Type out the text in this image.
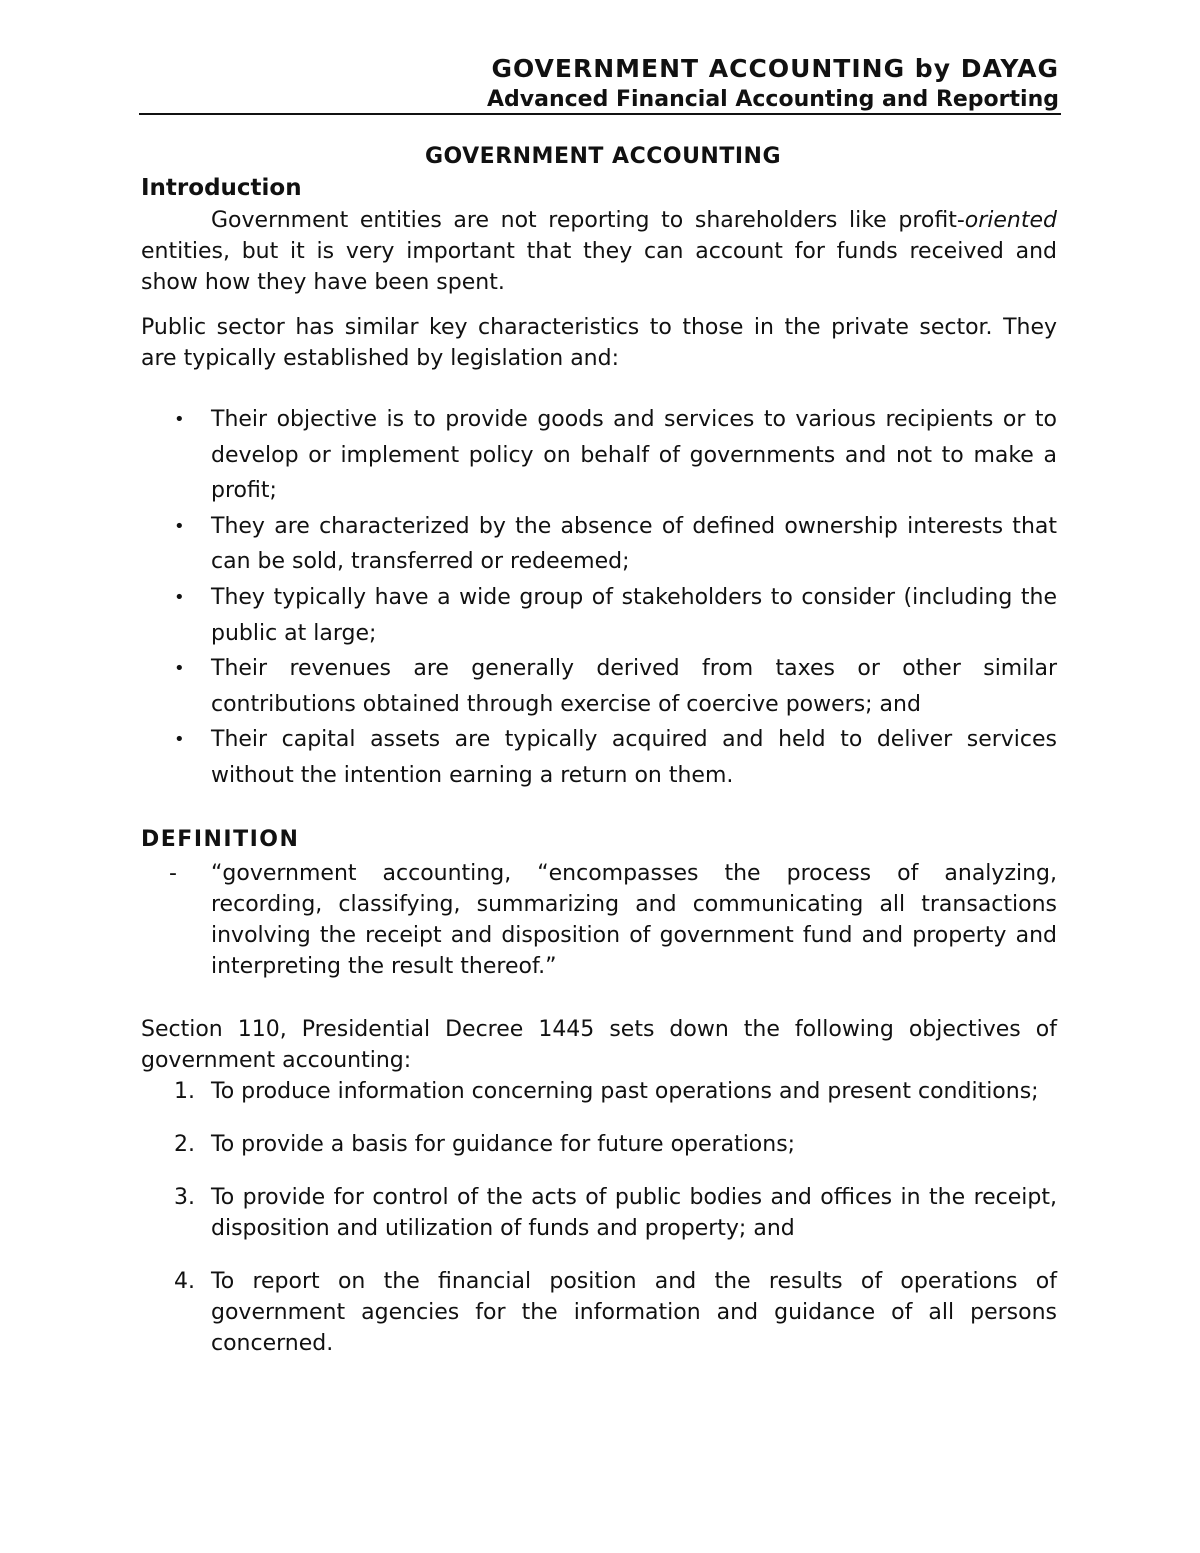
GOVERNMENT ACCOUNTING by DAYAG
Advanced Financial Accounting and Reporting
GOVERNMENT ACCOUNTING
Introduction

Government entities are not reporting to shareholders like profit-oriented entities, but it is very important that they can account for funds received and show how they have been spent.

Public sector has similar key characteristics to those in the private sector. They are typically established by legislation and:

• Their objective is to provide goods and services to various recipients or to develop or implement policy on behalf of governments and not to make a profit;
• They are characterized by the absence of defined ownership interests that can be sold, transferred or redeemed;
• They typically have a wide group of stakeholders to consider (including the public at large;
• Their revenues are generally derived from taxes or other similar contributions obtained through exercise of coercive powers; and
• Their capital assets are typically acquired and held to deliver services without the intention earning a return on them.
DEFINITION
- “government accounting, “encompasses the process of analyzing, recording, classifying, summarizing and communicating all transactions involving the receipt and disposition of government fund and property and interpreting the result thereof.”

Section 110, Presidential Decree 1445 sets down the following objectives of government accounting:

1. To produce information concerning past operations and present conditions;
2. To provide a basis for guidance for future operations;
3. To provide for control of the acts of public bodies and offices in the receipt, disposition and utilization of funds and property; and
4. To report on the financial position and the results of operations of government agencies for the information and guidance of all persons concerned.
